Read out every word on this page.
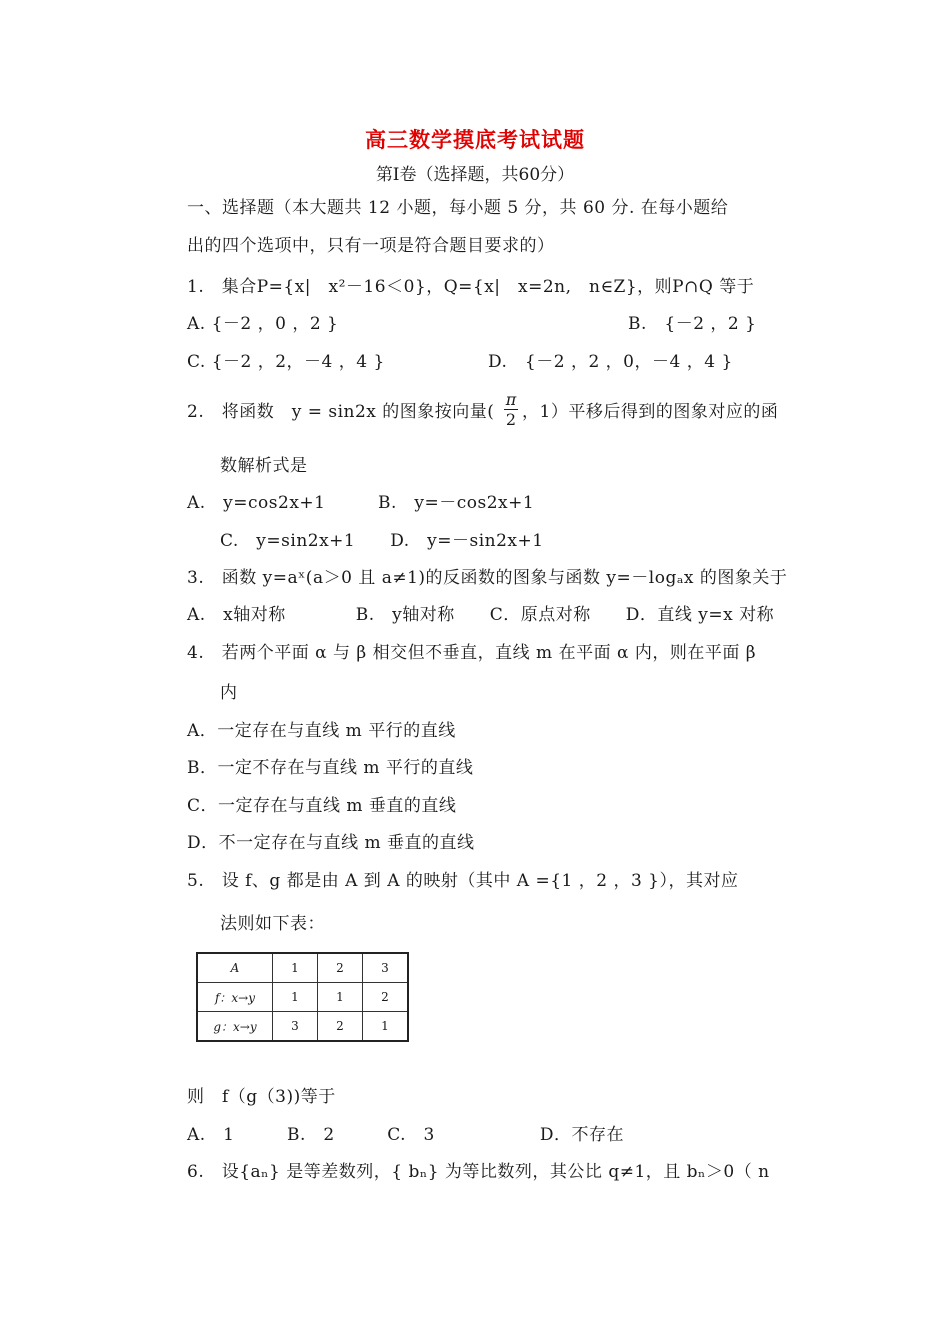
高三数学摸底考试试题
第Ⅰ卷（选择题，共60分）
一、选择题（本大题共 12 小题，每小题 5 分，共 60 分. 在每小题给
出的四个选项中，只有一项是符合题目要求的）
1.　集合P={x|　x²－16＜0}，Q={x|　x=2n,　n∈Z}，则P∩Q 等于
A. {－2 ，0 ，2 }	B.　{－2 ，2 }
C. {－2 ，2，－4 ，4 }	D.　{－2 ，2 ，0，－4 ，4 }
2.　将函数　y = sin2x 的图象按向量(
π
2 ，1）平移后得到的图象对应的函
数解析式是
A.　y=cos2x+1　　　B.　y=－cos2x+1
C.　y=sin2x+1　　D.　y=－sin2x+1
3.　函数 y=aˣ(a＞0 且 a≠1)的反函数的图象与函数 y=－logₐx 的图象关于
A.　x轴对称　　　　B.　y轴对称　　C．原点对称　　D．直线 y=x 对称
4.　若两个平面 α 与 β 相交但不垂直，直线 m 在平面 α 内，则在平面 β
内
A．一定存在与直线 m 平行的直线
B．一定不存在与直线 m 平行的直线
C．一定存在与直线 m 垂直的直线
D．不一定存在与直线 m 垂直的直线
5.　设 f、g 都是由 A 到 A 的映射（其中 A ={1 ，2 ，3 }），其对应
法则如下表：
A	1	2	3
f：x→y	1	1	2
g：x→y	3	2	1
则　f（g（3))等于
A.　1　　　B.　2　　　C.　3　　　　　　D．不存在
6.　设{aₙ} 是等差数列，{ bₙ} 为等比数列，其公比 q≠1，且 bₙ＞0（ n
